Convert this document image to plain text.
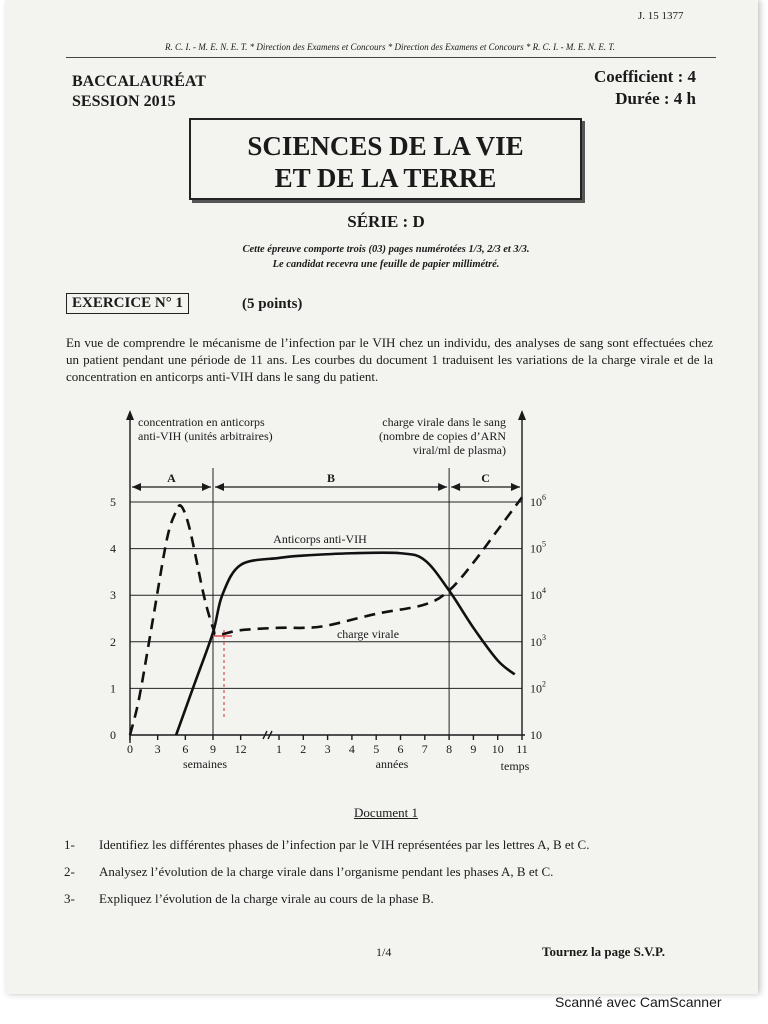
J. 15 1377
R. C. I. - M. E. N. E. T. * Direction des Examens et Concours * Direction des Examens et Concours * R. C. I. - M. E. N. E. T.
BACCALAURÉAT
SESSION 2015
Coefficient : 4
Durée : 4 h
SCIENCES DE LA VIE
ET DE LA TERRE
SÉRIE : D
Cette épreuve comporte trois (03) pages numérotées 1/3, 2/3 et 3/3.
Le candidat recevra une feuille de papier millimétré.
EXERCICE N° 1	(5 points)
En vue de comprendre le mécanisme de l’infection par le VIH chez un individu, des analyses de sang sont effectuées chez un patient pendant une période de 11 ans. Les courbes du document 1 traduisent les variations de la charge virale et de la concentration en anticorps anti-VIH dans le sang du patient.
Document 1
1- Identifiez les différentes phases de l’infection par le VIH représentées par les lettres A, B et C.
2- Analysez l’évolution de la charge virale dans l’organisme pendant les phases A, B et C.
3- Expliquez l’évolution de la charge virale au cours de la phase B.
1/4	Tournez la page S.V.P.
0 3 6 9 12 1 2 3 4 5 6 7 8 9 10 11
0
1
2
3
4
5
10
$10^2$
$10^3$
$10^4$
$10^5$
$10^6$
concentration en anticorps
anti-VIH (unités arbitraires)
charge virale dans le sang
(nombre de copies d’ARN
viral/ml de plasma)
semaines	années	temps
A	B	C
Anticorps anti-VIH
charge virale
Scanné avec CamScanner
